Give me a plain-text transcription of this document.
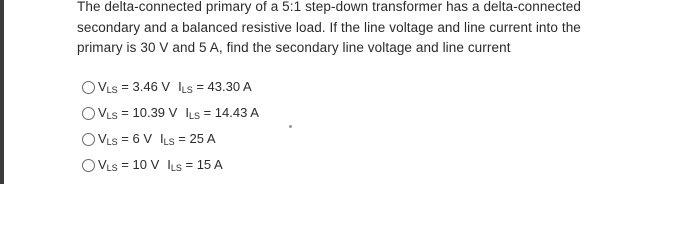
The delta-connected primary of a 5:1 step-down transformer has a delta-connected
secondary and a balanced resistive load. If the line voltage and line current into the
primary is 30 V and 5 A, find the secondary line voltage and line current
$V_{LS} = 3.46$ V $I_{LS} = 43.30$ A
$V_{LS} = 10.39$ V $I_{LS} = 14.43$ A
$V_{LS} = 6$ V $I_{LS} = 25$ A
$V_{LS} = 10$ V $I_{LS} = 15$ A
